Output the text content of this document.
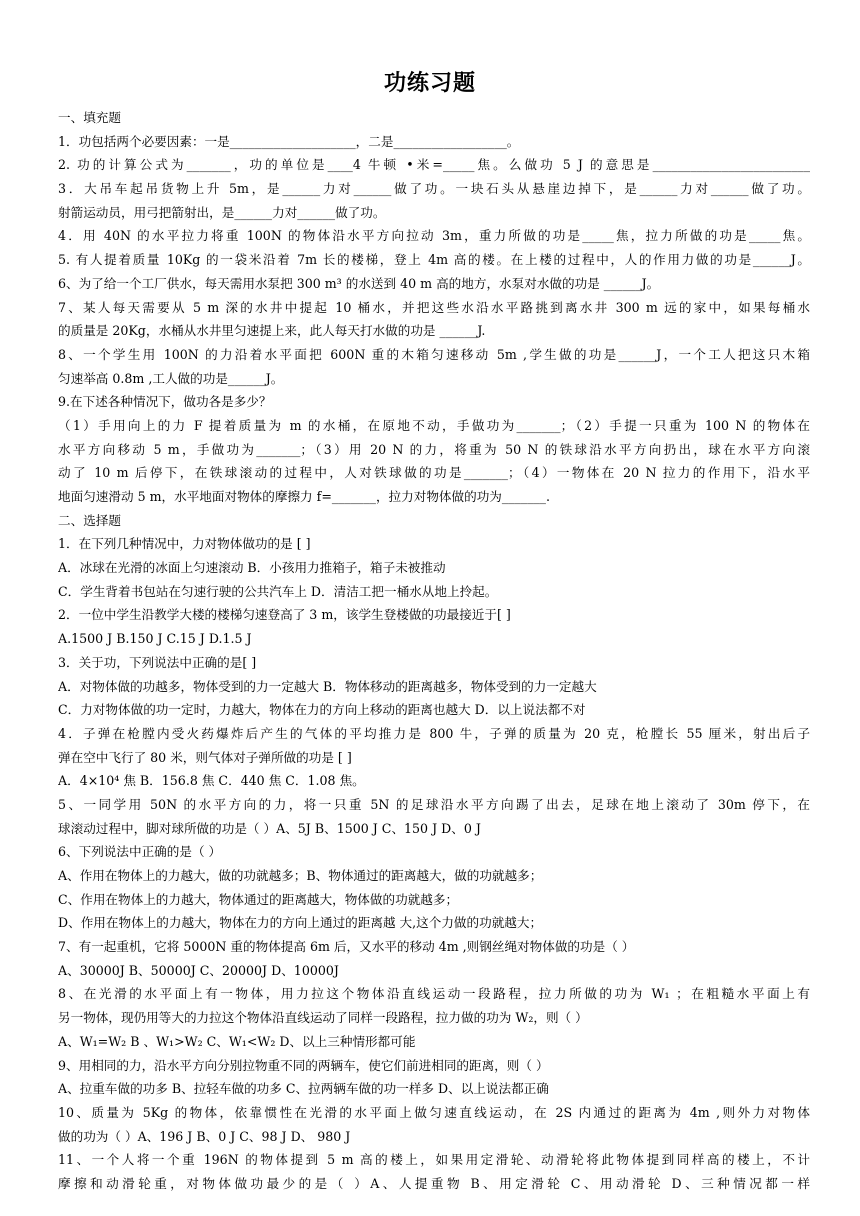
功练习题
一、填充题
1．功包括两个必要因素：一是____________________，二是__________________。
2. 功的计算公式为_______，功的单位是____4 牛顿 •米=_____焦。么做功 5 J 的意思是_________________________
3．大吊车起吊货物上升 5m，是______力对______做了功。一块石头从悬崖边掉下，是______力对______做了功。
射箭运动员，用弓把箭射出，是______力对______做了功。
4．用 40N 的水平拉力将重 100N 的物体沿水平方向拉动 3m，重力所做的功是_____焦，拉力所做的功是_____焦。
5. 有人提着质量 10Kg 的一袋米沿着 7m 长的楼梯，登上 4m 高的楼。在上楼的过程中，人的作用力做的功是______J。
6、为了给一个工厂供水，每天需用水泵把 300 m³ 的水送到 40 m 高的地方，水泵对水做的功是 ______J。
7、某人每天需要从 5 m 深的水井中提起 10 桶水，并把这些水沿水平路挑到离水井 300 m 远的家中，如果每桶水
的质量是 20Kg，水桶从水井里匀速提上来，此人每天打水做的功是 ______J.
8、一个学生用 100N 的力沿着水平面把 600N 重的木箱匀速移动 5m ,学生做的功是______J，一个工人把这只木箱
匀速举高 0.8m ,工人做的功是______J。
9.在下述各种情况下，做功各是多少？
（1）手用向上的力 F 提着质量为 m 的水桶，在原地不动，手做功为_______；（2）手提一只重为 100 N 的物体在
水平方向移动 5 m，手做功为_______；（3）用 20 N 的力，将重为 50 N 的铁球沿水平方向扔出，球在水平方向滚
动了 10 m 后停下，在铁球滚动的过程中，人对铁球做的功是_______；（4）一物体在 20 N 拉力的作用下，沿水平
地面匀速滑动 5 m，水平地面对物体的摩擦力 f=_______，拉力对物体做的功为_______.
二、选择题
1．在下列几种情况中，力对物体做功的是 [ ]
A．冰球在光滑的冰面上匀速滚动 B．小孩用力推箱子，箱子未被推动
C．学生背着书包站在匀速行驶的公共汽车上 D．清洁工把一桶水从地上拎起。
2．一位中学生沿教学大楼的楼梯匀速登高了 3 m，该学生登楼做的功最接近于[ ]
A.1500 J B.150 J C.15 J D.1.5 J
3．关于功，下列说法中正确的是[ ]
A．对物体做的功越多，物体受到的力一定越大 B．物体移动的距离越多，物体受到的力一定越大
C．力对物体做的功一定时，力越大，物体在力的方向上移动的距离也越大 D．以上说法都不对
4．子弹在枪膛内受火药爆炸后产生的气体的平均推力是 800 牛，子弹的质量为 20 克，枪膛长 55 厘米，射出后子
弹在空中飞行了 80 米，则气体对子弹所做的功是 [ ]
A．4×10⁴ 焦 B．156.8 焦 C．440 焦 C．1.08 焦。
5、一同学用 50N 的水平方向的力，将一只重 5N 的足球沿水平方向踢了出去，足球在地上滚动了 30m 停下，在
球滚动过程中，脚对球所做的功是（ ）A、5J B、1500 J C、150 J D、0 J
6、下列说法中正确的是（ ）
A、作用在物体上的力越大，做的功就越多；B、物体通过的距离越大，做的功就越多；
C、作用在物体上的力越大，物体通过的距离越大，物体做的功就越多；
D、作用在物体上的力越大，物体在力的方向上通过的距离越 大,这个力做的功就越大；
7、有一起重机，它将 5000N 重的物体提高 6m 后，又水平的移动 4m ,则钢丝绳对物体做的功是（ ）
A、30000J B、50000J C、20000J D、10000J
8、在光滑的水平面上有一物体，用力拉这个物体沿直线运动一段路程，拉力所做的功为 W₁ ；在粗糙水平面上有
另一物体，现仍用等大的力拉这个物体沿直线运动了同样一段路程，拉力做的功为 W₂，则（ ）
A、W₁=W₂ B 、W₁>W₂ C、W₁<W₂ D、以上三种情形都可能
9、用相同的力，沿水平方向分别拉物重不同的两辆车，使它们前进相同的距离，则（ ）
A、拉重车做的功多 B、拉轻车做的功多 C、拉两辆车做的功一样多 D、以上说法都正确
10、质量为 5Kg 的物体，依靠惯性在光滑的水平面上做匀速直线运动，在 2S 内通过的距离为 4m ,则外力对物体
做的功为（ ）A、196 J B、0 J C、98 J D、 980 J
11、一个人将一个重 196N 的物体提到 5 m 高的楼上，如果用定滑轮、动滑轮将此物体提到同样高的楼上，不计
摩擦和动滑轮重，对物体做功最少的是（ ）A、人提重物 B、用定滑轮 C、用动滑轮 D、三种情况都一样
